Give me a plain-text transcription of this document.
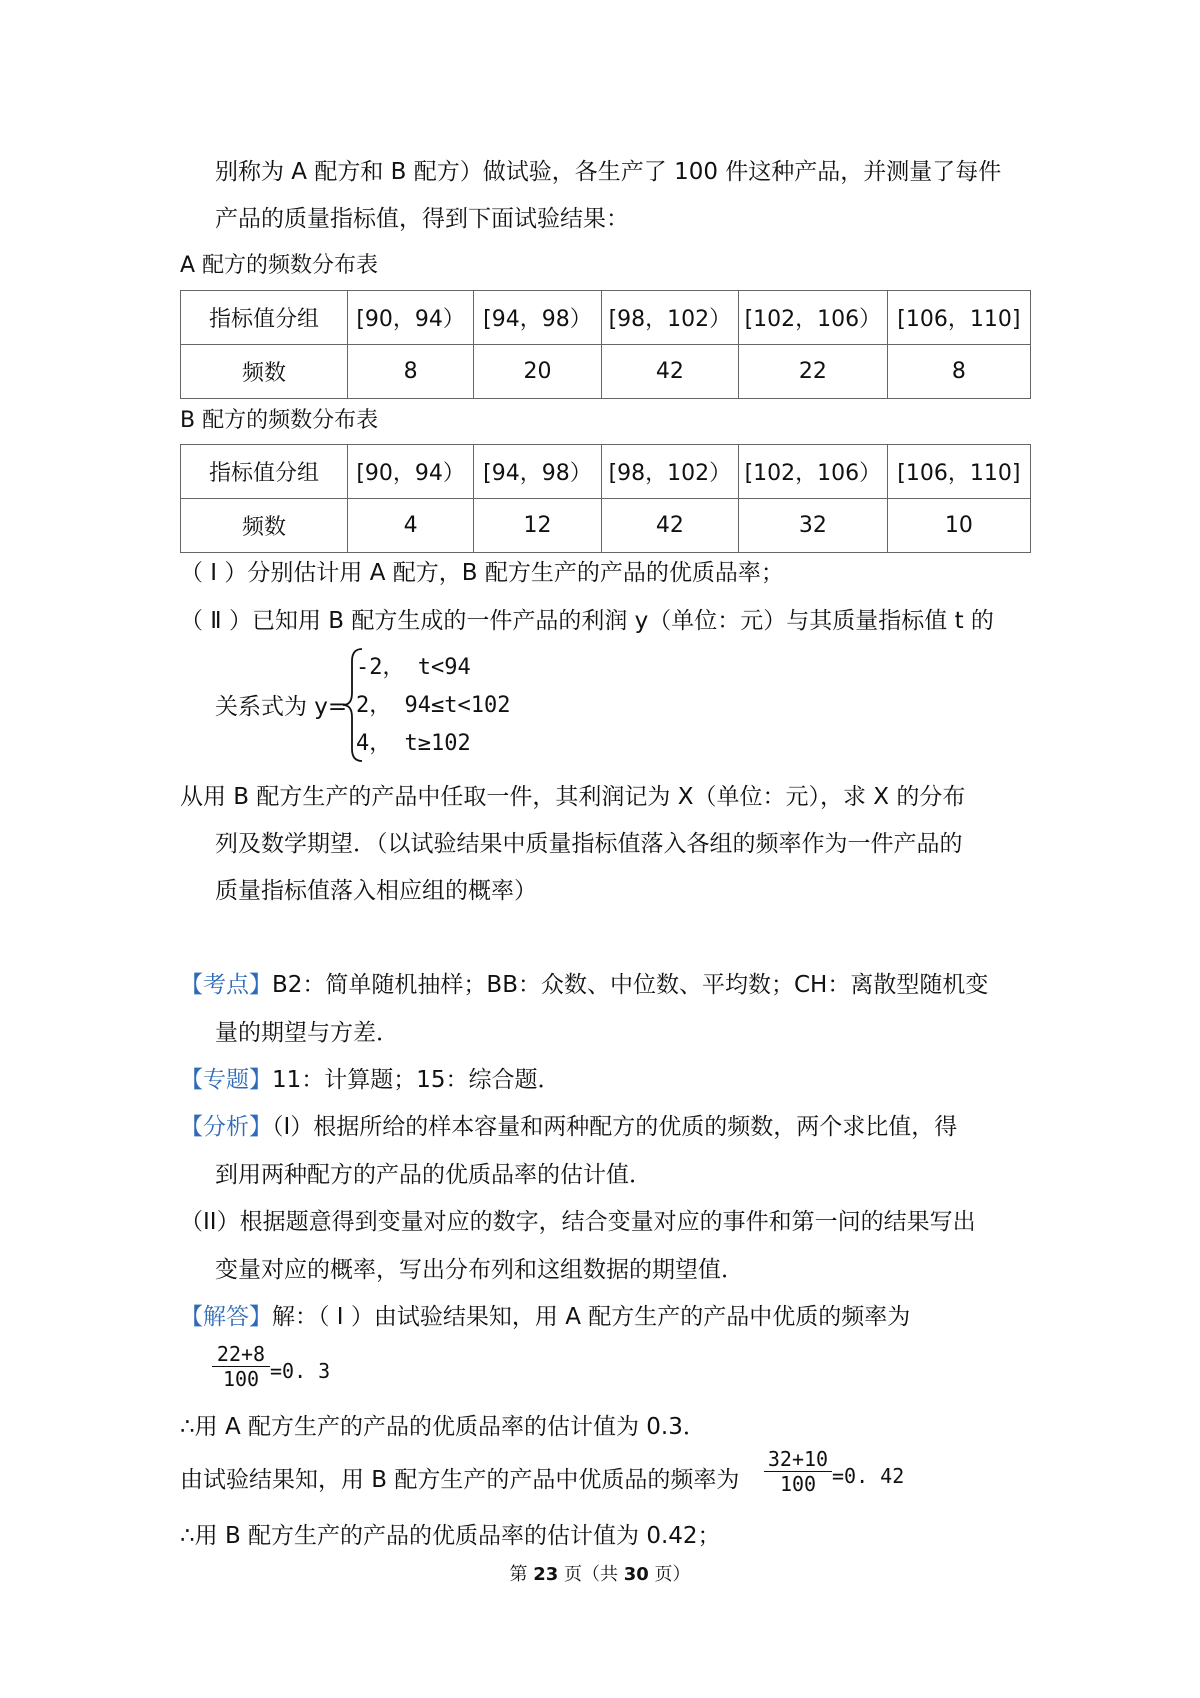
别称为 A 配方和 B 配方）做试验，各生产了 100 件这种产品，并测量了每件
产品的质量指标值，得到下面试验结果：
A 配方的频数分布表
指标值分组	[90，94）	[94，98）	[98，102）	[102，106）	[106，110]
频数	8	20	42	22	8
B 配方的频数分布表
指标值分组	[90，94）	[94，98）	[98，102）	[102，106）	[106，110]
频数	4	12	42	32	10
（ Ⅰ ）分别估计用 A 配方，B 配方生产的产品的优质品率；
（ Ⅱ ）已知用 B 配方生成的一件产品的利润 y（单位：元）与其质量指标值 t 的
关系式为 y=
-2， t<94
2， 94≤t<102
4， t≥102
从用 B 配方生产的产品中任取一件，其利润记为 X（单位：元），求 X 的分布
列及数学期望．（以试验结果中质量指标值落入各组的频率作为一件产品的
质量指标值落入相应组的概率）
【考点】B2：简单随机抽样；BB：众数、中位数、平均数；CH：离散型随机变
量的期望与方差．
【专题】11：计算题；15：综合题．
【分析】（I）根据所给的样本容量和两种配方的优质的频数，两个求比值，得
到用两种配方的产品的优质品率的估计值．
（II）根据题意得到变量对应的数字，结合变量对应的事件和第一问的结果写出
变量对应的概率，写出分布列和这组数据的期望值．
【解答】解：（ Ⅰ ）由试验结果知，用 A 配方生产的产品中优质的频率为
22+8
100 =0. 3
∴用 A 配方生产的产品的优质品率的估计值为 0.3．
由试验结果知，用 B 配方生产的产品中优质品的频率为
32+10
100 =0. 42
∴用 B 配方生产的产品的优质品率的估计值为 0.42；
第 23 页（共 30 页）
